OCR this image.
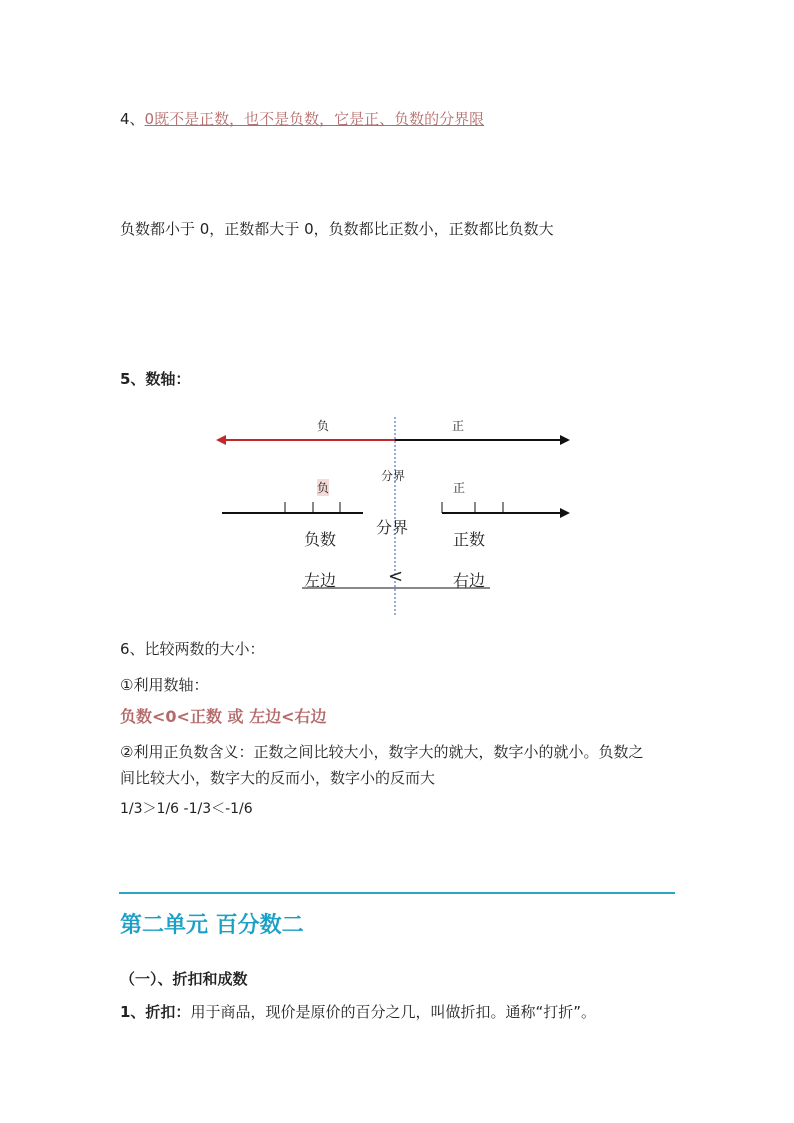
4、0既不是正数，也不是负数，它是正、负数的分界限
负数都小于 0，正数都大于 0，负数都比正数小，正数都比负数大
5、数轴：
负	正
分界
负	正
负数
分界
正数
左边	<	右边
6、比较两数的大小：
①利用数轴：
负数<0<正数 或 左边<右边
②利用正负数含义：正数之间比较大小，数字大的就大，数字小的就小。负数之
间比较大小，数字大的反而小，数字小的反而大
1/3＞1/6 -1/3＜-1/6
第二单元 百分数二
（一）、折扣和成数
1、折扣：用于商品，现价是原价的百分之几，叫做折扣。通称“打折”。
